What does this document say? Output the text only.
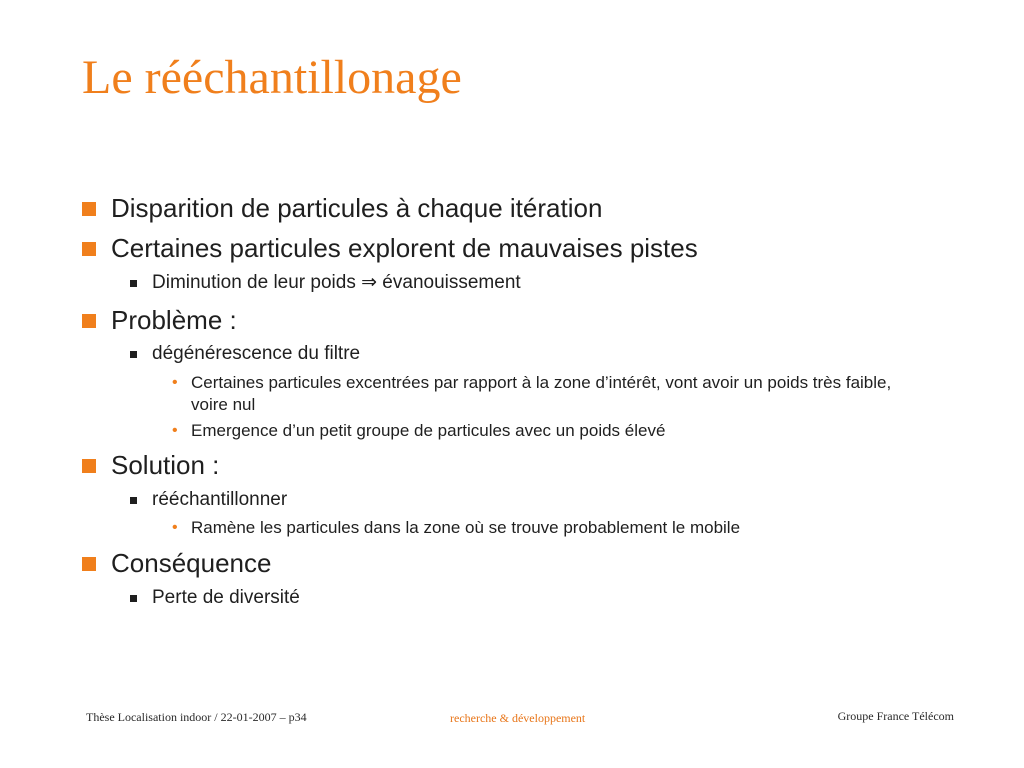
Le rééchantillonage
Disparition de particules à chaque itération
Certaines particules explorent de mauvaises pistes
Diminution de leur poids ⇒ évanouissement
Problème :
dégénérescence du filtre
• Certaines particules excentrées par rapport à la zone d’intérêt, vont avoir un poids très faible, voire nul
• Emergence d’un petit groupe de particules avec un poids élevé
Solution :
rééchantillonner
• Ramène les particules dans la zone où se trouve probablement le mobile
Conséquence
Perte de diversité
Thèse Localisation indoor / 22-01-2007 – p34	recherche & développement	Groupe France Télécom
